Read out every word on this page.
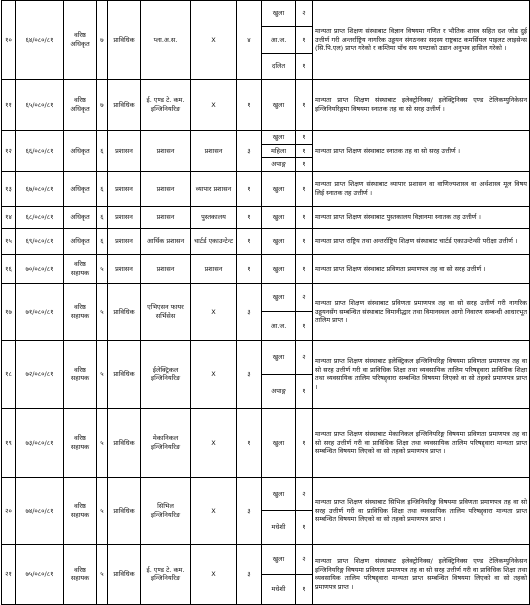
१०	६४/०८०/८१	वरिष्ठ अधिकृत	७	प्राविधिक	प्ला.अ.स.	X	४	खुला	२	मान्यता प्राप्त शिक्षण संस्थाबाट विज्ञान विषयमा गणित र भौतिक शास्त्र सहित दश जोड दुई उत्तीर्ण गरी अन्तर्राष्ट्रिय नागरिक उड्डयन संगठनका सदस्य राष्ट्रबाट कमर्सियल पाइलट लाइसेन्स (सि.पि.एल) प्राप्त गरेको र कम्तिमा पाँच सय घण्टाको उडान अनुभव हासिल गरेको ।
								आ.ज.	१	
								दलित	१	
११	६५/०८०/८१	वरिष्ठ अधिकृत	७	प्राविधिक	ई. एण्ड टे. कम. इन्जिनियरिङ	X	१	खुला	१	मान्यता प्राप्त शिक्षण संस्थाबाट इलेक्ट्रोनिक्स/ इलेक्ट्रिनिक्स एण्ड टेलिकम्युनिकेसन इन्जिनियरिङ्गमा विषयमा स्नातक तह वा सो सरह उत्तीर्ण ।
१२	६६/०८०/८१	अधिकृत	६	प्रशासन	प्रशासन	प्रशासन	३	खुला	१	मान्यता प्राप्त शिक्षण संस्थाबाट स्नातक तह वा सो सरह उत्तीर्ण ।
								महिला	१	
								अपाङ्ग	१	
१३	६७/०८०/८१	अधिकृत	६	प्रशासन	प्रशासन	व्यापार प्रशासन	१	खुला	१	मान्यता प्राप्त शिक्षण संस्थाबाट व्यापार प्रशासन वा वाणिज्यशास्त्र वा अर्थशास्त्र मूल विषय लिई स्नातक तह उत्तीर्ण ।
१४	६८/०८०/८१	अधिकृत	६	प्रशासन	प्रशासन	पुस्तकालय	१	खुला	१	मान्यता प्राप्त शिक्षण संस्थाबाट पुस्तकालय विज्ञानमा स्नातक तह उत्तीर्ण ।
१५	६९/०८०/८१	अधिकृत	६	प्रशासन	आर्थिक प्रशासन	चार्टर्ड एकाउन्टेन्ट	१	खुला	१	मान्यता प्राप्त राष्ट्रिय तथा अन्तर्राष्ट्रिय शिक्षण संस्थाबाट चार्टर्ड एकाउन्टेन्सी परीक्षा उत्तीर्ण ।
१६	७०/०८०/८१	वरिष्ठ सहायक	५	प्रशासन	प्रशासन	प्रशासन	१	खुला	१	मान्यता प्राप्त शिक्षण संस्थाबाट प्रविणता प्रमाणपत्र तह वा सो सरह उत्तीर्ण ।
१७	७१/०८०/८१	वरिष्ठ सहायक	५	प्राविधिक	एभिएसन फायर सर्भिसेस	X	३	खुला	२	मान्यता प्राप्त शिक्षण संस्थाबाट प्रविणता प्रमाणपत्र तह वा सो सरह उत्तीर्ण गरी नागरिक उड्डयनसँग सम्बन्धित संस्थाबाट विमानीद्धार तथा विमानस्थल आगो निवारण सम्बन्धी आधारभूत तालिम प्राप्त ।
								आ.ज.	१	
१८	७२/०८०/८१	वरिष्ठ सहायक	५	प्राविधिक	ईलेक्ट्रिकल इन्जिनियरिङ	X	३	खुला	२	मान्यता प्राप्त शिक्षण संस्थाबाट इलेक्ट्रिकल इन्जिनियरिङ्ग विषयमा प्रविणता प्रमाणपत्र तह वा सो सरह उत्तीर्ण गरी वा प्राविधिक शिक्षा तथा व्यवसायिक तालिम परिषद्द्वारा प्राविधिक शिक्षा तथा व्यवसायिक तालिम परिषद्द्वारा सम्बन्धित विषयमा लिएको वा सो तहको प्रमाणपत्र प्राप्त ।
								अपाङ्ग	१	
१९	७३/०८०/८१	वरिष्ठ सहायक	५	प्राविधिक	मेकानिकल इन्जिनियरिङ	X	१	खुला	१	मान्यता प्राप्त शिक्षण संस्थाबाट मेकानिकल इन्जिनियरिङ्ग विषयमा प्रविणता प्रमाणपत्र तह वा सो सरह उत्तीर्ण गरी वा प्राविधिक शिक्षा तथा व्यवसायिक तालिम परिषद्द्वारा मान्यता प्राप्त सम्बन्धित विषयमा लिएको वा सो तहको प्रमाणपत्र प्राप्त ।
२०	७४/०८०/८१	वरिष्ठ सहायक	५	प्राविधिक	सिभिल इन्जिनियरिङ	X	३	खुला	२	मान्यता प्राप्त शिक्षण संस्थाबाट सिभिल इन्जिनियरिङ्ग विषयमा प्रविणता प्रमाणपत्र तह वा सो सरह उत्तीर्ण गरी वा प्राविधिक शिक्षा तथा व्यवसायिक तालिम परिषद्द्वारा मान्यता प्राप्त सम्बन्धित विषयमा लिएको वा सो तहको प्रमाणपत्र प्राप्त ।
								मधेशी	१	
२१	७५/०८०/८१	वरिष्ठ सहायक	५	प्राविधिक	ई. एण्ड टे. कम. इन्जिनियरिङ	X	३	खुला	२	मान्यता प्राप्त शिक्षण संस्थाबाट इलेक्ट्रोनिक्स/ इलेक्ट्रिनिक्स एण्ड टेलिकम्युनिकेसन इन्जिनियरिङ्ग विषयमा प्रविणता प्रमाणपत्र तह वा सो सरह उत्तीर्ण गरी वा प्राविधिक शिक्षा तथा व्यवसायिक तालिम परिषद्द्वारा मान्यता प्राप्त सम्बन्धित विषयमा लिएको वा सो तहको प्रमाणपत्र प्राप्त ।
								मधेशी	१	
